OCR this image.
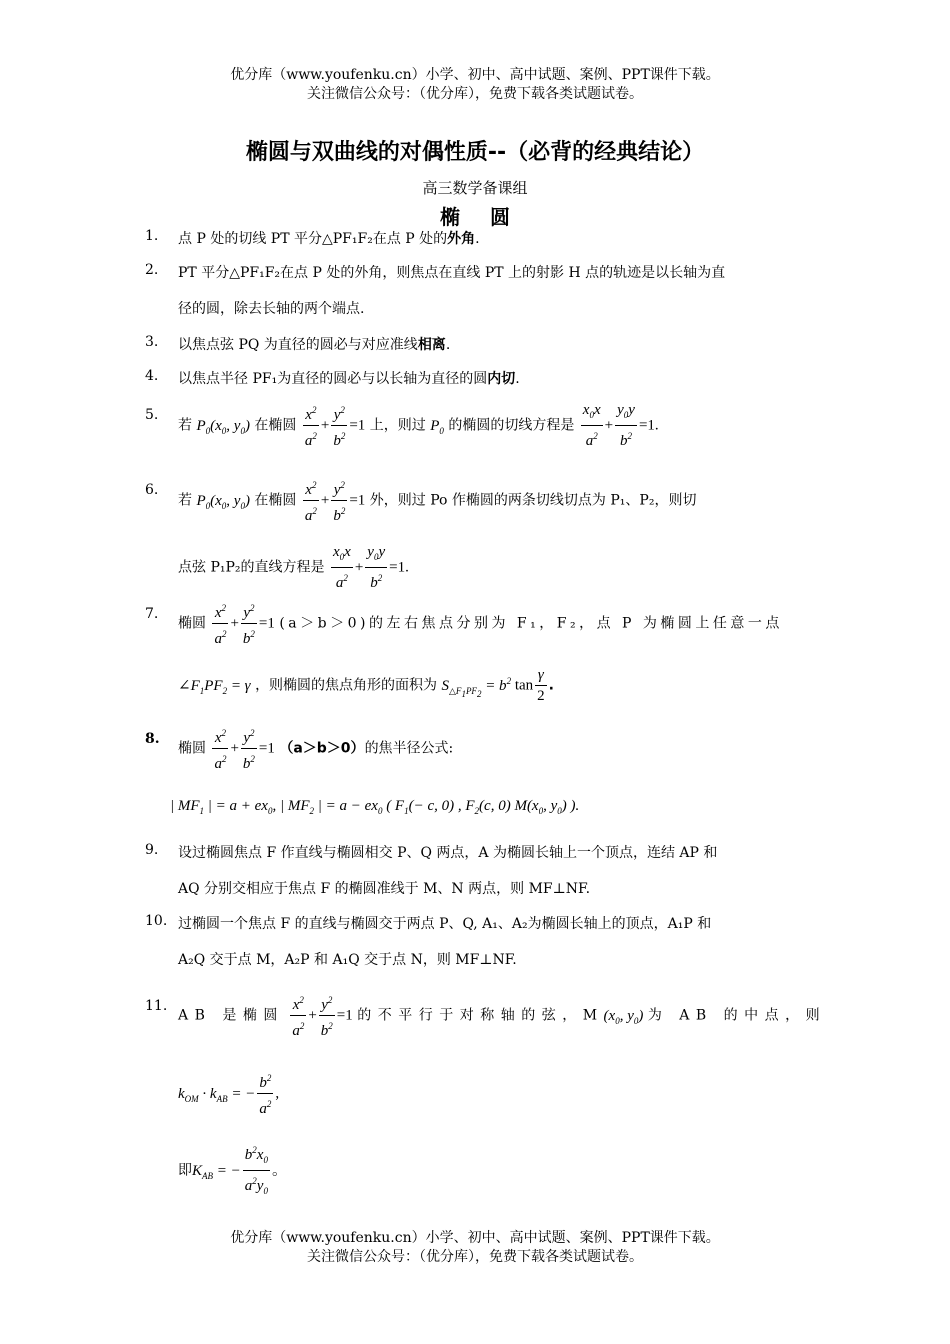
优分库（www.youfenku.cn）小学、初中、高中试题、案例、PPT课件下载。
关注微信公众号：（优分库），免费下载各类试题试卷。
椭圆与双曲线的对偶性质--（必背的经典结论）
高三数学备课组
椭圆
1. 点 P 处的切线 PT 平分△PF₁F₂在点 P 处的外角.
2. PT 平分△PF₁F₂在点 P 处的外角，则焦点在直线 PT 上的射影 H 点的轨迹是以长轴为直
径的圆，除去长轴的两个端点.
3. 以焦点弦 PQ 为直径的圆必与对应准线相离.
4. 以焦点半径 PF₁为直径的圆必与以长轴为直径的圆内切.
5.
若 $P_0(x_0$, $y_0$) 在椭圆 $\frac{x^2}{a^2} + \frac{y^2}{b^2} =1$ 上，则过 $P_0$ 的椭圆的切线方程是 $\frac{x_0x}{a^2} + \frac{y_0y}{b^2} =1$.
6.
若 $P_0(x_0$, $y_0$) 在椭圆 $\frac{x^2}{a^2} + \frac{y^2}{b^2} =1$ 外，则过 Po 作椭圆的两条切线切点为 P₁、P₂，则切
点弦 P₁P₂的直线方程是 $\frac{x_0x}{a^2} + \frac{y_0y}{b^2} =1$.
7.
椭圆 $\frac{x^2}{a^2} + \frac{y^2}{b^2} =1$ (a＞b＞0)的左右焦点分别为 F₁，F₂，点 P 为椭圆上任意一点
$\angle F_1PF_2 = \gamma$ ，则椭圆的焦点角形的面积为 $S_{\triangle F_1PF_2} = b^2$ $\tan \frac{\gamma}{2}$ .
8.
椭圆 $\frac{x^2}{a^2} + \frac{y^2}{b^2} =1$ （a＞b＞0）的焦半径公式:
| $MF_1$ | = $a + ex_0$, | $MF_2$ | = $a - ex_0$ ( $F_1(- c$, 0) , $F_2(c$, 0) $M(x_0$, $y_0$) ).
9. 设过椭圆焦点 F 作直线与椭圆相交 P、Q 两点，A 为椭圆长轴上一个顶点，连结 AP 和
AQ 分别交相应于焦点 F 的椭圆准线于 M、N 两点，则 MF⊥NF.
10. 过椭圆一个焦点 F 的直线与椭圆交于两点 P、Q, A₁、A₂为椭圆长轴上的顶点，A₁P 和
A₂Q 交于点 M，A₂P 和 A₁Q 交于点 N，则 MF⊥NF.
11.
AB 是椭圆 $\frac{x^2}{a^2} + \frac{y^2}{b^2} =1$ 的不平行于对称轴的弦，$M(x_0$, $y_0$) 为 AB 的中点，则
$k_{OM} \cdot k_{AB}$ = − $\frac{b^2}{a^2}$ ,
即$K_{AB}$ = − $\frac{b^2x_0}{a^2y_0}$ 。
优分库（www.youfenku.cn）小学、初中、高中试题、案例、PPT课件下载。
关注微信公众号：（优分库），免费下载各类试题试卷。
